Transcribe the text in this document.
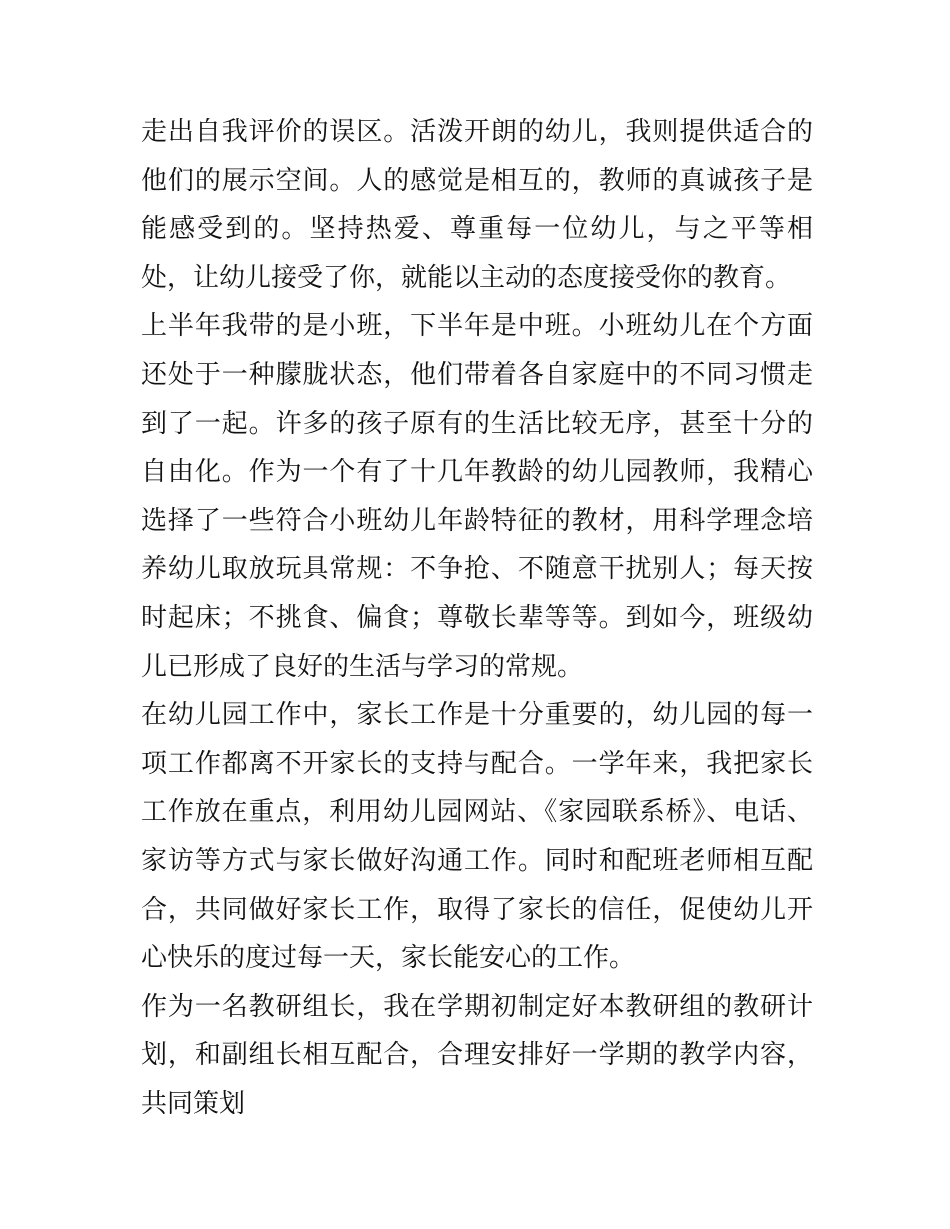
走出自我评价的误区。活泼开朗的幼儿，我则提供适合的他们的展示空间。人的感觉是相互的，教师的真诚孩子是能感受到的。坚持热爱、尊重每一位幼儿，与之平等相处，让幼儿接受了你，就能以主动的态度接受你的教育。

上半年我带的是小班，下半年是中班。小班幼儿在个方面还处于一种朦胧状态，他们带着各自家庭中的不同习惯走到了一起。许多的孩子原有的生活比较无序，甚至十分的自由化。作为一个有了十几年教龄的幼儿园教师，我精心选择了一些符合小班幼儿年龄特征的教材，用科学理念培养幼儿取放玩具常规：不争抢、不随意干扰别人；每天按时起床；不挑食、偏食；尊敬长辈等等。到如今，班级幼儿已形成了良好的生活与学习的常规。

在幼儿园工作中，家长工作是十分重要的，幼儿园的每一项工作都离不开家长的支持与配合。一学年来，我把家长工作放在重点，利用幼儿园网站、《家园联系桥》、电话、家访等方式与家长做好沟通工作。同时和配班老师相互配合，共同做好家长工作，取得了家长的信任，促使幼儿开心快乐的度过每一天，家长能安心的工作。

作为一名教研组长，我在学期初制定好本教研组的教研计划，和副组长相互配合，合理安排好一学期的教学内容，共同策划
